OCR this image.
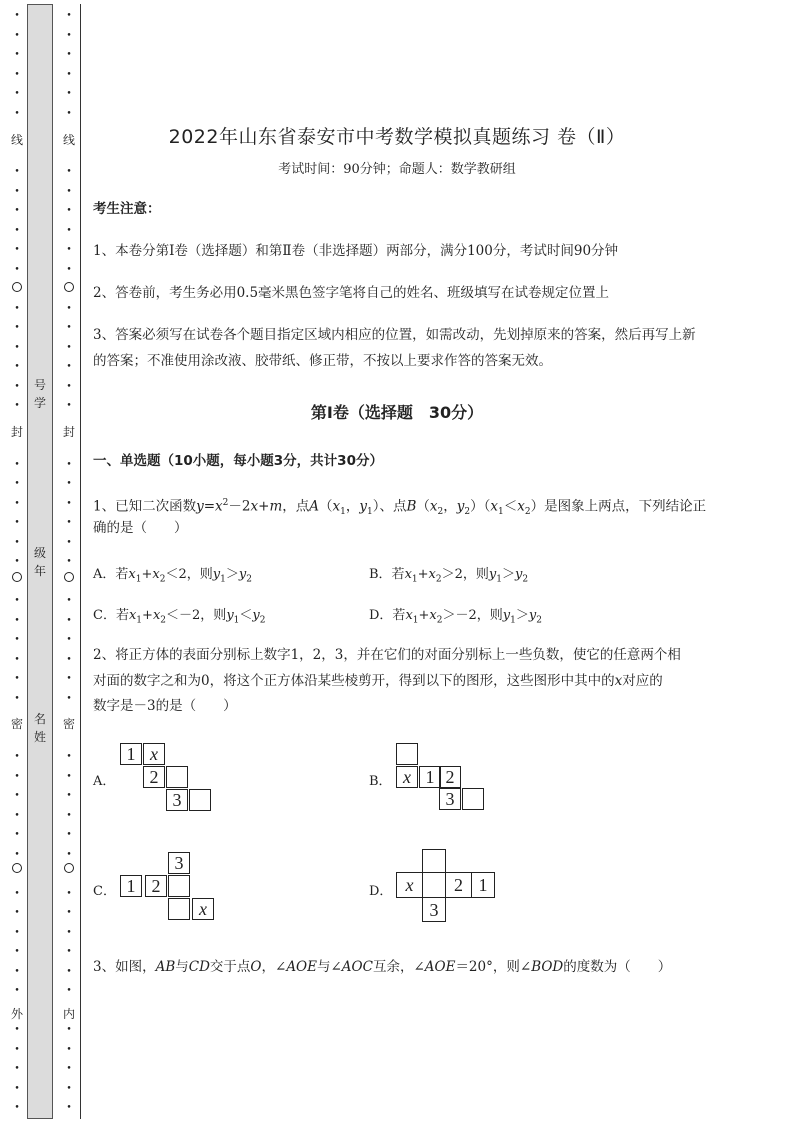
•
•
•
•
•
•
•
•
•
•
•
•
•
•
•
•
•
•
•
•
•
•
•
•
•
•
•
•
•
•
•
•
•
•
•
•
•
•
•
•
•
•
•
•
•
•
•
•
•
•
•
•
•
•
•
•
•
•
•
•
•
•
•
•
•
•
•
•
•
•
•
•
•
•
•
•
•
•
•
•
•
•
•
•
•
•
•
•
•
•
•
•
•
•
线
封
密
外
线
封
密
内
号
学
级
年
名
姓
2022年山东省泰安市中考数学模拟真题练习 卷（Ⅱ）
考试时间：90分钟；命题人：数学教研组
考生注意：
1、本卷分第Ⅰ卷（选择题）和第Ⅱ卷（非选择题）两部分，满分100分，考试时间90分钟
2、答卷前，考生务必用0.5毫米黑色签字笔将自己的姓名、班级填写在试卷规定位置上
3、答案必须写在试卷各个题目指定区域内相应的位置，如需改动，先划掉原来的答案，然后再写上新
的答案；不准使用涂改液、胶带纸、修正带，不按以上要求作答的答案无效。
第Ⅰ卷（选择题　30分）
一、单选题（10小题，每小题3分，共计30分）
1、已知二次函数$y=x^2-2x+m$，点$A(x_1$，$y_1$）、点$B(x_2$，$y_2)(x_1<x_2)$是图象上两点，下列结论正
确的是（　　）
A．若$x_1+x_2<2$，则$y_1>y_2$	B．若$x_1+x_2>2$，则$y_1>y_2$
C．若$x_1+x_2<-2$，则$y_1<y_2$	D．若$x_1+x_2>-2$，则$y_1>y_2$
2、将正方体的表面分别标上数字1，2，3，并在它们的对面分别标上一些负数，使它的任意两个相
对面的数字之和为0，将这个正方体沿某些棱剪开，得到以下的图形，这些图形中其中的x对应的
数字是－3的是（　　）
A．
1 x
2
3
B． x 1 2
3
C．
3
1 2
x
D． x	2 1
3
3、如图，AB与CD交于点O，∠AOE与∠AOC互余，∠AOE＝20°，则∠BOD的度数为（　　）
